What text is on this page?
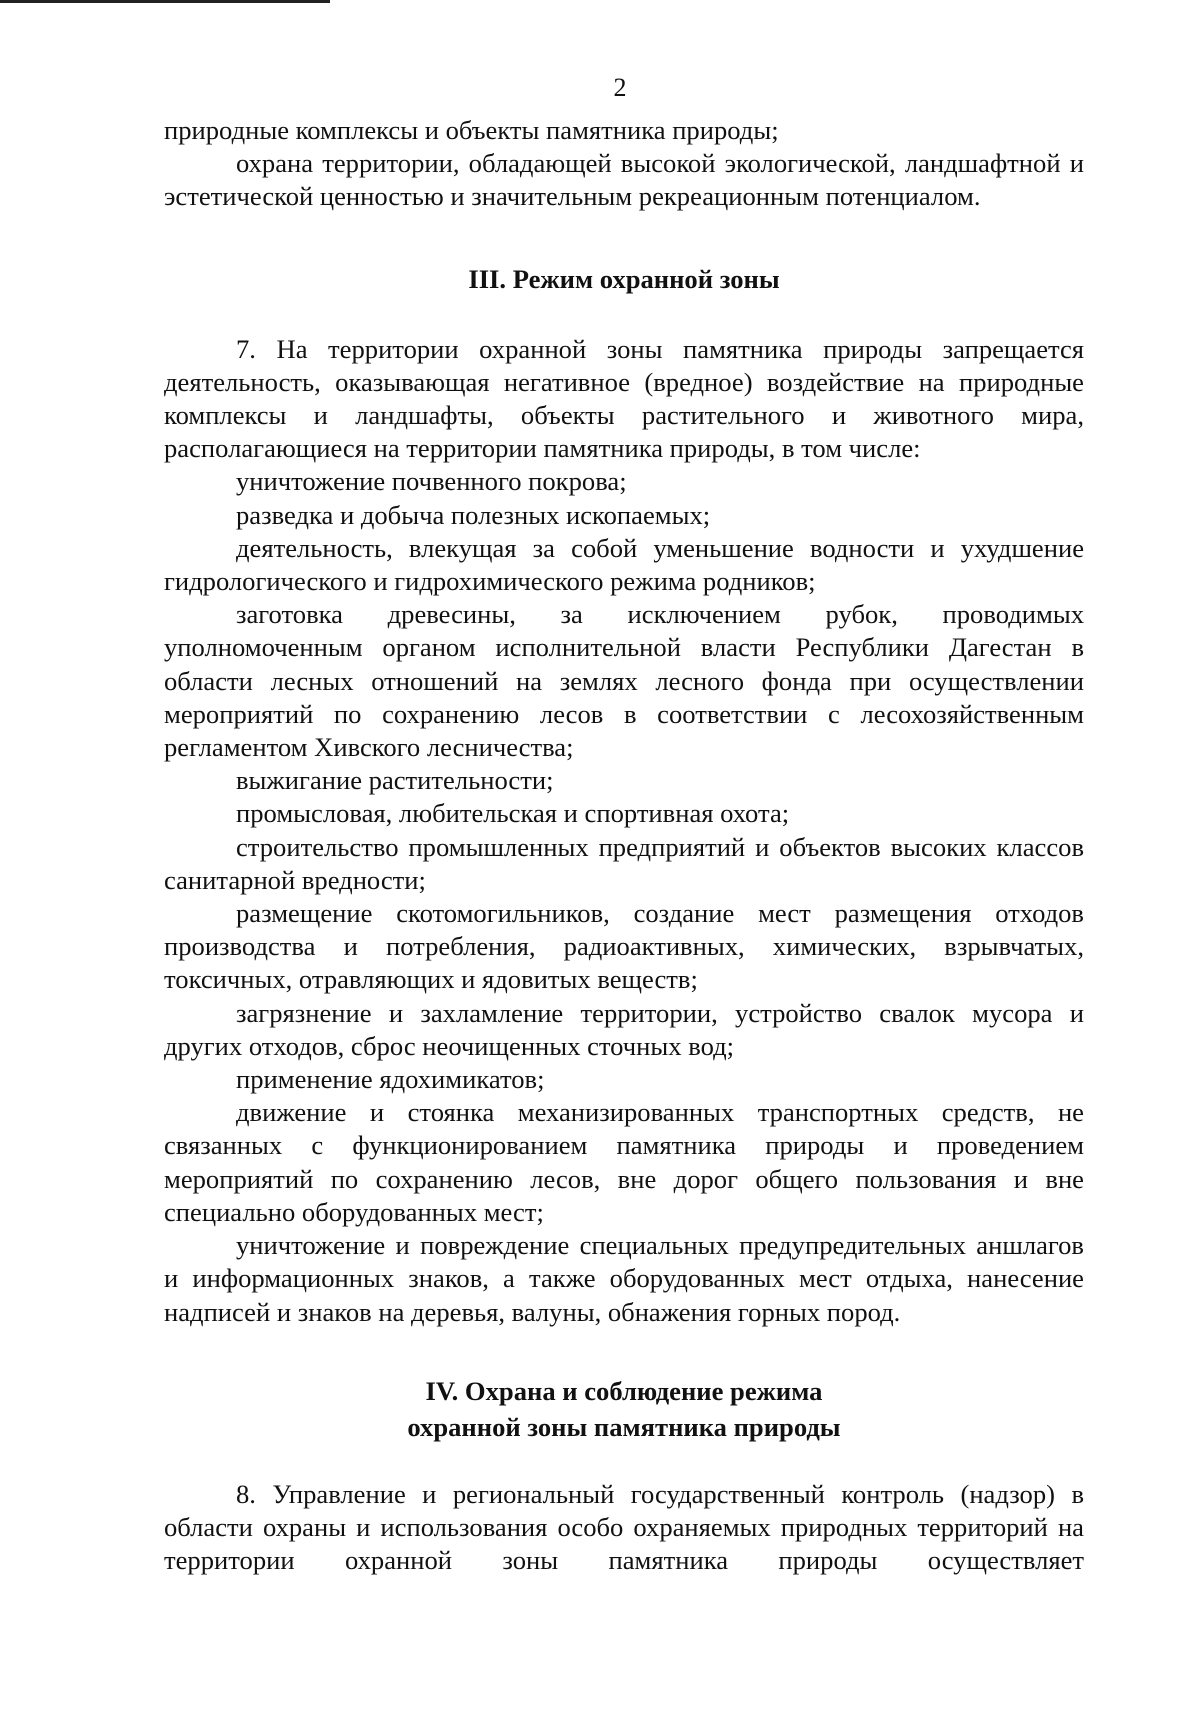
2

природные комплексы и объекты памятника природы;

охрана территории, обладающей высокой экологической, ландшафтной и эстетической ценностью и значительным рекреационным потенциалом.

III. Режим охранной зоны

7. На территории охранной зоны памятника природы запрещается деятельность, оказывающая негативное (вредное) воздействие на природные комплексы и ландшафты, объекты растительного и животного мира, располагающиеся на территории памятника природы, в том числе:

уничтожение почвенного покрова;

разведка и добыча полезных ископаемых;

деятельность, влекущая за собой уменьшение водности и ухудшение гидрологического и гидрохимического режима родников;

заготовка древесины, за исключением рубок, проводимых уполномоченным органом исполнительной власти Республики Дагестан в области лесных отношений на землях лесного фонда при осуществлении мероприятий по сохранению лесов в соответствии с лесохозяйственным регламентом Хивского лесничества;

выжигание растительности;

промысловая, любительская и спортивная охота;

строительство промышленных предприятий и объектов высоких классов санитарной вредности;

размещение скотомогильников, создание мест размещения отходов производства и потребления, радиоактивных, химических, взрывчатых, токсичных, отравляющих и ядовитых веществ;

загрязнение и захламление территории, устройство свалок мусора и других отходов, сброс неочищенных сточных вод;

применение ядохимикатов;

движение и стоянка механизированных транспортных средств, не связанных с функционированием памятника природы и проведением мероприятий по сохранению лесов, вне дорог общего пользования и вне специально оборудованных мест;

уничтожение и повреждение специальных предупредительных аншлагов и информационных знаков, а также оборудованных мест отдыха, нанесение надписей и знаков на деревья, валуны, обнажения горных пород.

IV. Охрана и соблюдение режима
охранной зоны памятника природы

8. Управление и региональный государственный контроль (надзор) в области охраны и использования особо охраняемых природных территорий на территории охранной зоны памятника природы осуществляет
